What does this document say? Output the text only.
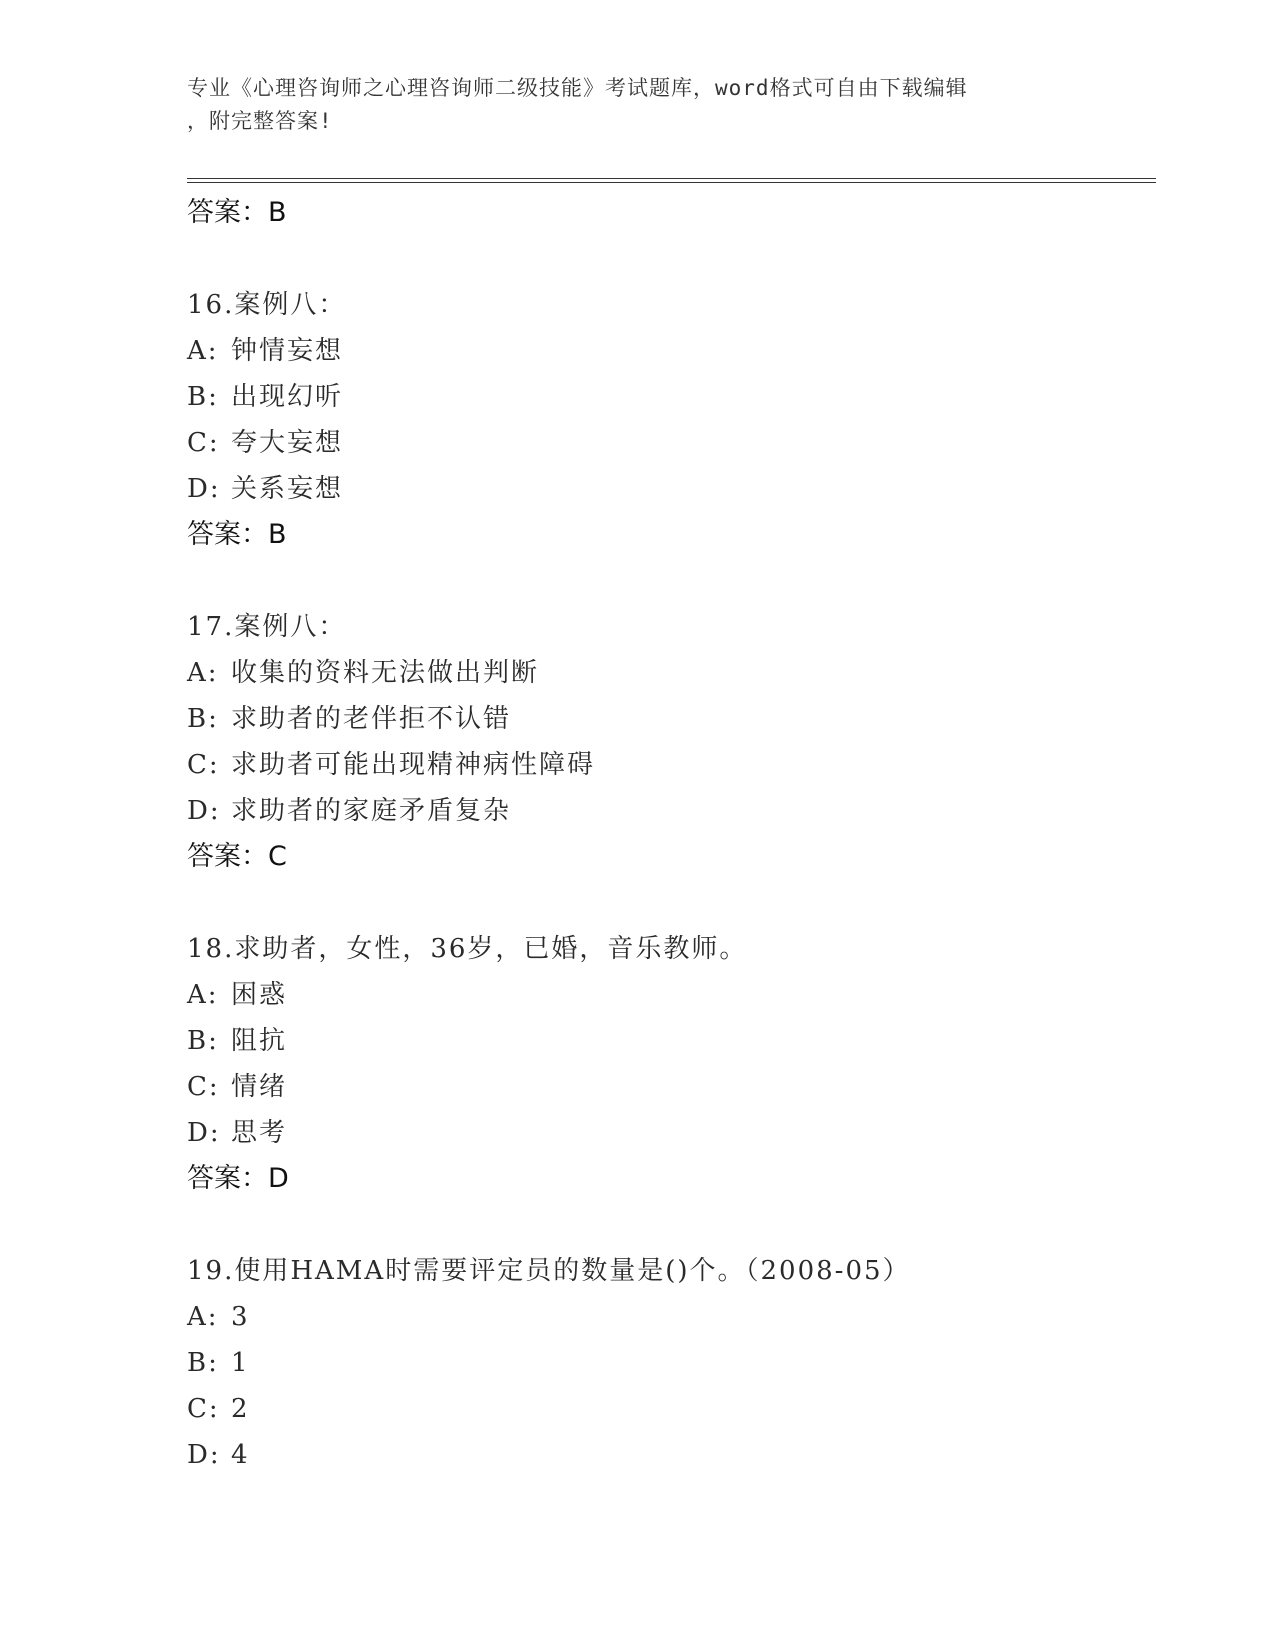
专业《心理咨询师之心理咨询师二级技能》考试题库，word格式可自由下载编辑
，附完整答案!
答案：B
16.案例八：
A: 钟情妄想
B: 出现幻听
C: 夸大妄想
D: 关系妄想
答案：B
17.案例八：
A: 收集的资料无法做出判断
B: 求助者的老伴拒不认错
C: 求助者可能出现精神病性障碍
D: 求助者的家庭矛盾复杂
答案：C
18.求助者，女性，36岁，已婚，音乐教师。
A: 困惑
B: 阻抗
C: 情绪
D: 思考
答案：D
19.使用HAMA时需要评定员的数量是()个。（2008-05）
A: 3
B: 1
C: 2
D: 4
